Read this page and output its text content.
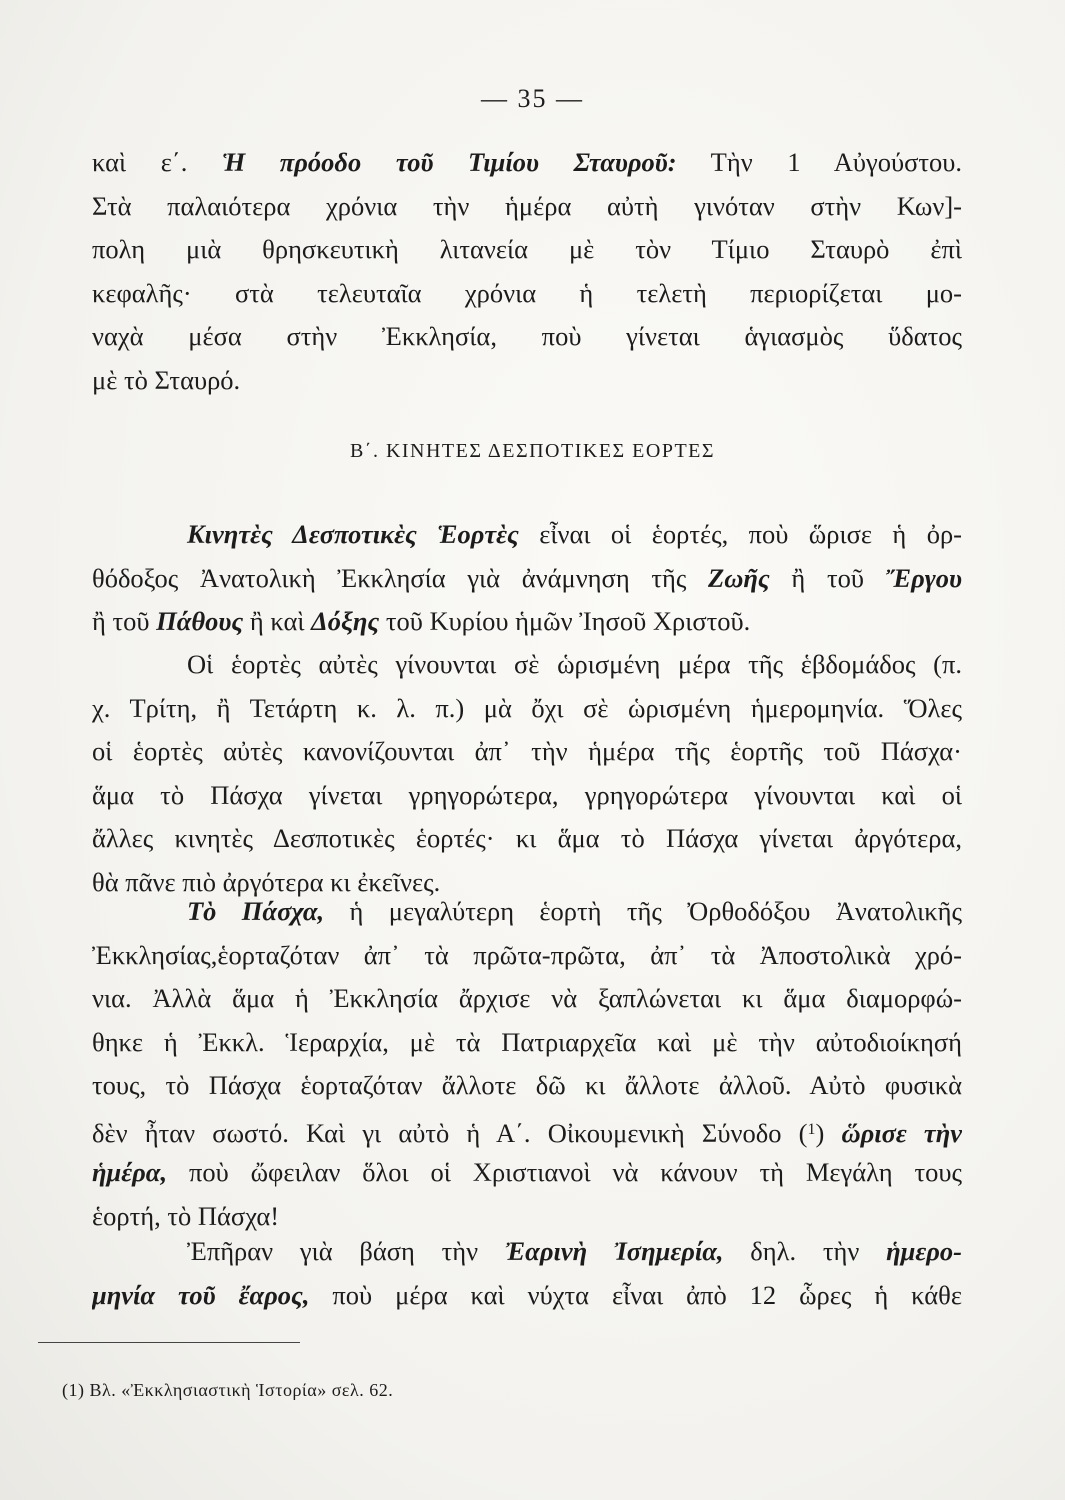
— 35 —
καὶ ε΄. Ἡ πρόοδο τοῦ Τιμίου Σταυροῦ: Τὴν 1 Αὐγούστου.
Στὰ παλαιότερα χρόνια τὴν ἡμέρα αὐτὴ γινόταν στὴν Κων]-
πολη μιὰ θρησκευτικὴ λιτανεία μὲ τὸν Τίμιο Σταυρὸ ἐπὶ
κεφαλῆς· στὰ τελευταῖα χρόνια ἡ τελετὴ περιορίζεται μο-
ναχὰ μέσα στὴν Ἐκκλησία, ποὺ γίνεται ἁγιασμὸς ὕδατος
μὲ τὸ Σταυρό.
Β΄. ΚΙΝΗΤΕΣ ΔΕΣΠΟΤΙΚΕΣ ΕΟΡΤΕΣ
Κινητὲς Δεσποτικὲς Ἑορτὲς εἶναι οἱ ἑορτές, ποὺ ὥρισε ἡ ὀρ-
θόδοξος Ἀνατολικὴ Ἐκκλησία γιὰ ἀνάμνηση τῆς Ζωῆς ἢ τοῦ Ἔργου
ἢ τοῦ Πάθους ἢ καὶ Δόξης τοῦ Κυρίου ἡμῶν Ἰησοῦ Χριστοῦ.
Οἱ ἑορτὲς αὐτὲς γίνουνται σὲ ὡρισμένη μέρα τῆς ἑβδομάδος (π.
χ. Τρίτη, ἢ Τετάρτη κ. λ. π.) μὰ ὄχι σὲ ὡρισμένη ἡμερομηνία. Ὅλες
οἱ ἑορτὲς αὐτὲς κανονίζουνται ἀπ᾽ τὴν ἡμέρα τῆς ἑορτῆς τοῦ Πάσχα·
ἅμα τὸ Πάσχα γίνεται γρηγορώτερα, γρηγορώτερα γίνουνται καὶ οἱ
ἄλλες κινητὲς Δεσποτικὲς ἑορτές· κι ἅμα τὸ Πάσχα γίνεται ἀργότερα,
θὰ πᾶνε πιὸ ἀργότερα κι ἐκεῖνες.
Τὸ Πάσχα, ἡ μεγαλύτερη ἑορτὴ τῆς Ὀρθοδόξου Ἀνατολικῆς
Ἐκκλησίας,ἑορταζόταν ἀπ᾽ τὰ πρῶτα-πρῶτα, ἀπ᾽ τὰ Ἀποστολικὰ χρό-
νια. Ἀλλὰ ἅμα ἡ Ἐκκλησία ἄρχισε νὰ ξαπλώνεται κι ἅμα διαμορφώ-
θηκε ἡ Ἐκκλ. Ἱεραρχία, μὲ τὰ Πατριαρχεῖα καὶ μὲ τὴν αὐτοδιοίκησή
τους, τὸ Πάσχα ἑορταζόταν ἄλλοτε δῶ κι ἄλλοτε ἀλλοῦ. Αὐτὸ φυσικὰ
δὲν ἦταν σωστό. Καὶ γι αὐτὸ ἡ Α΄. Οἰκουμενικὴ Σύνοδο ($^1$) ὥρισε τὴν
ἡμέρα, ποὺ ὤφειλαν ὅλοι οἱ Χριστιανοὶ νὰ κάνουν τὴ Μεγάλη τους
ἑορτή, τὸ Πάσχα!
Ἐπῆραν γιὰ βάση τὴν Ἐαρινὴ Ἰσημερία, δηλ. τὴν ἡμερο-
μηνία τοῦ ἔαρος, ποὺ μέρα καὶ νύχτα εἶναι ἀπὸ 12 ὧρες ἡ κάθε
(1) Βλ. «Ἐκκλησιαστικὴ Ἱστορία» σελ. 62.
